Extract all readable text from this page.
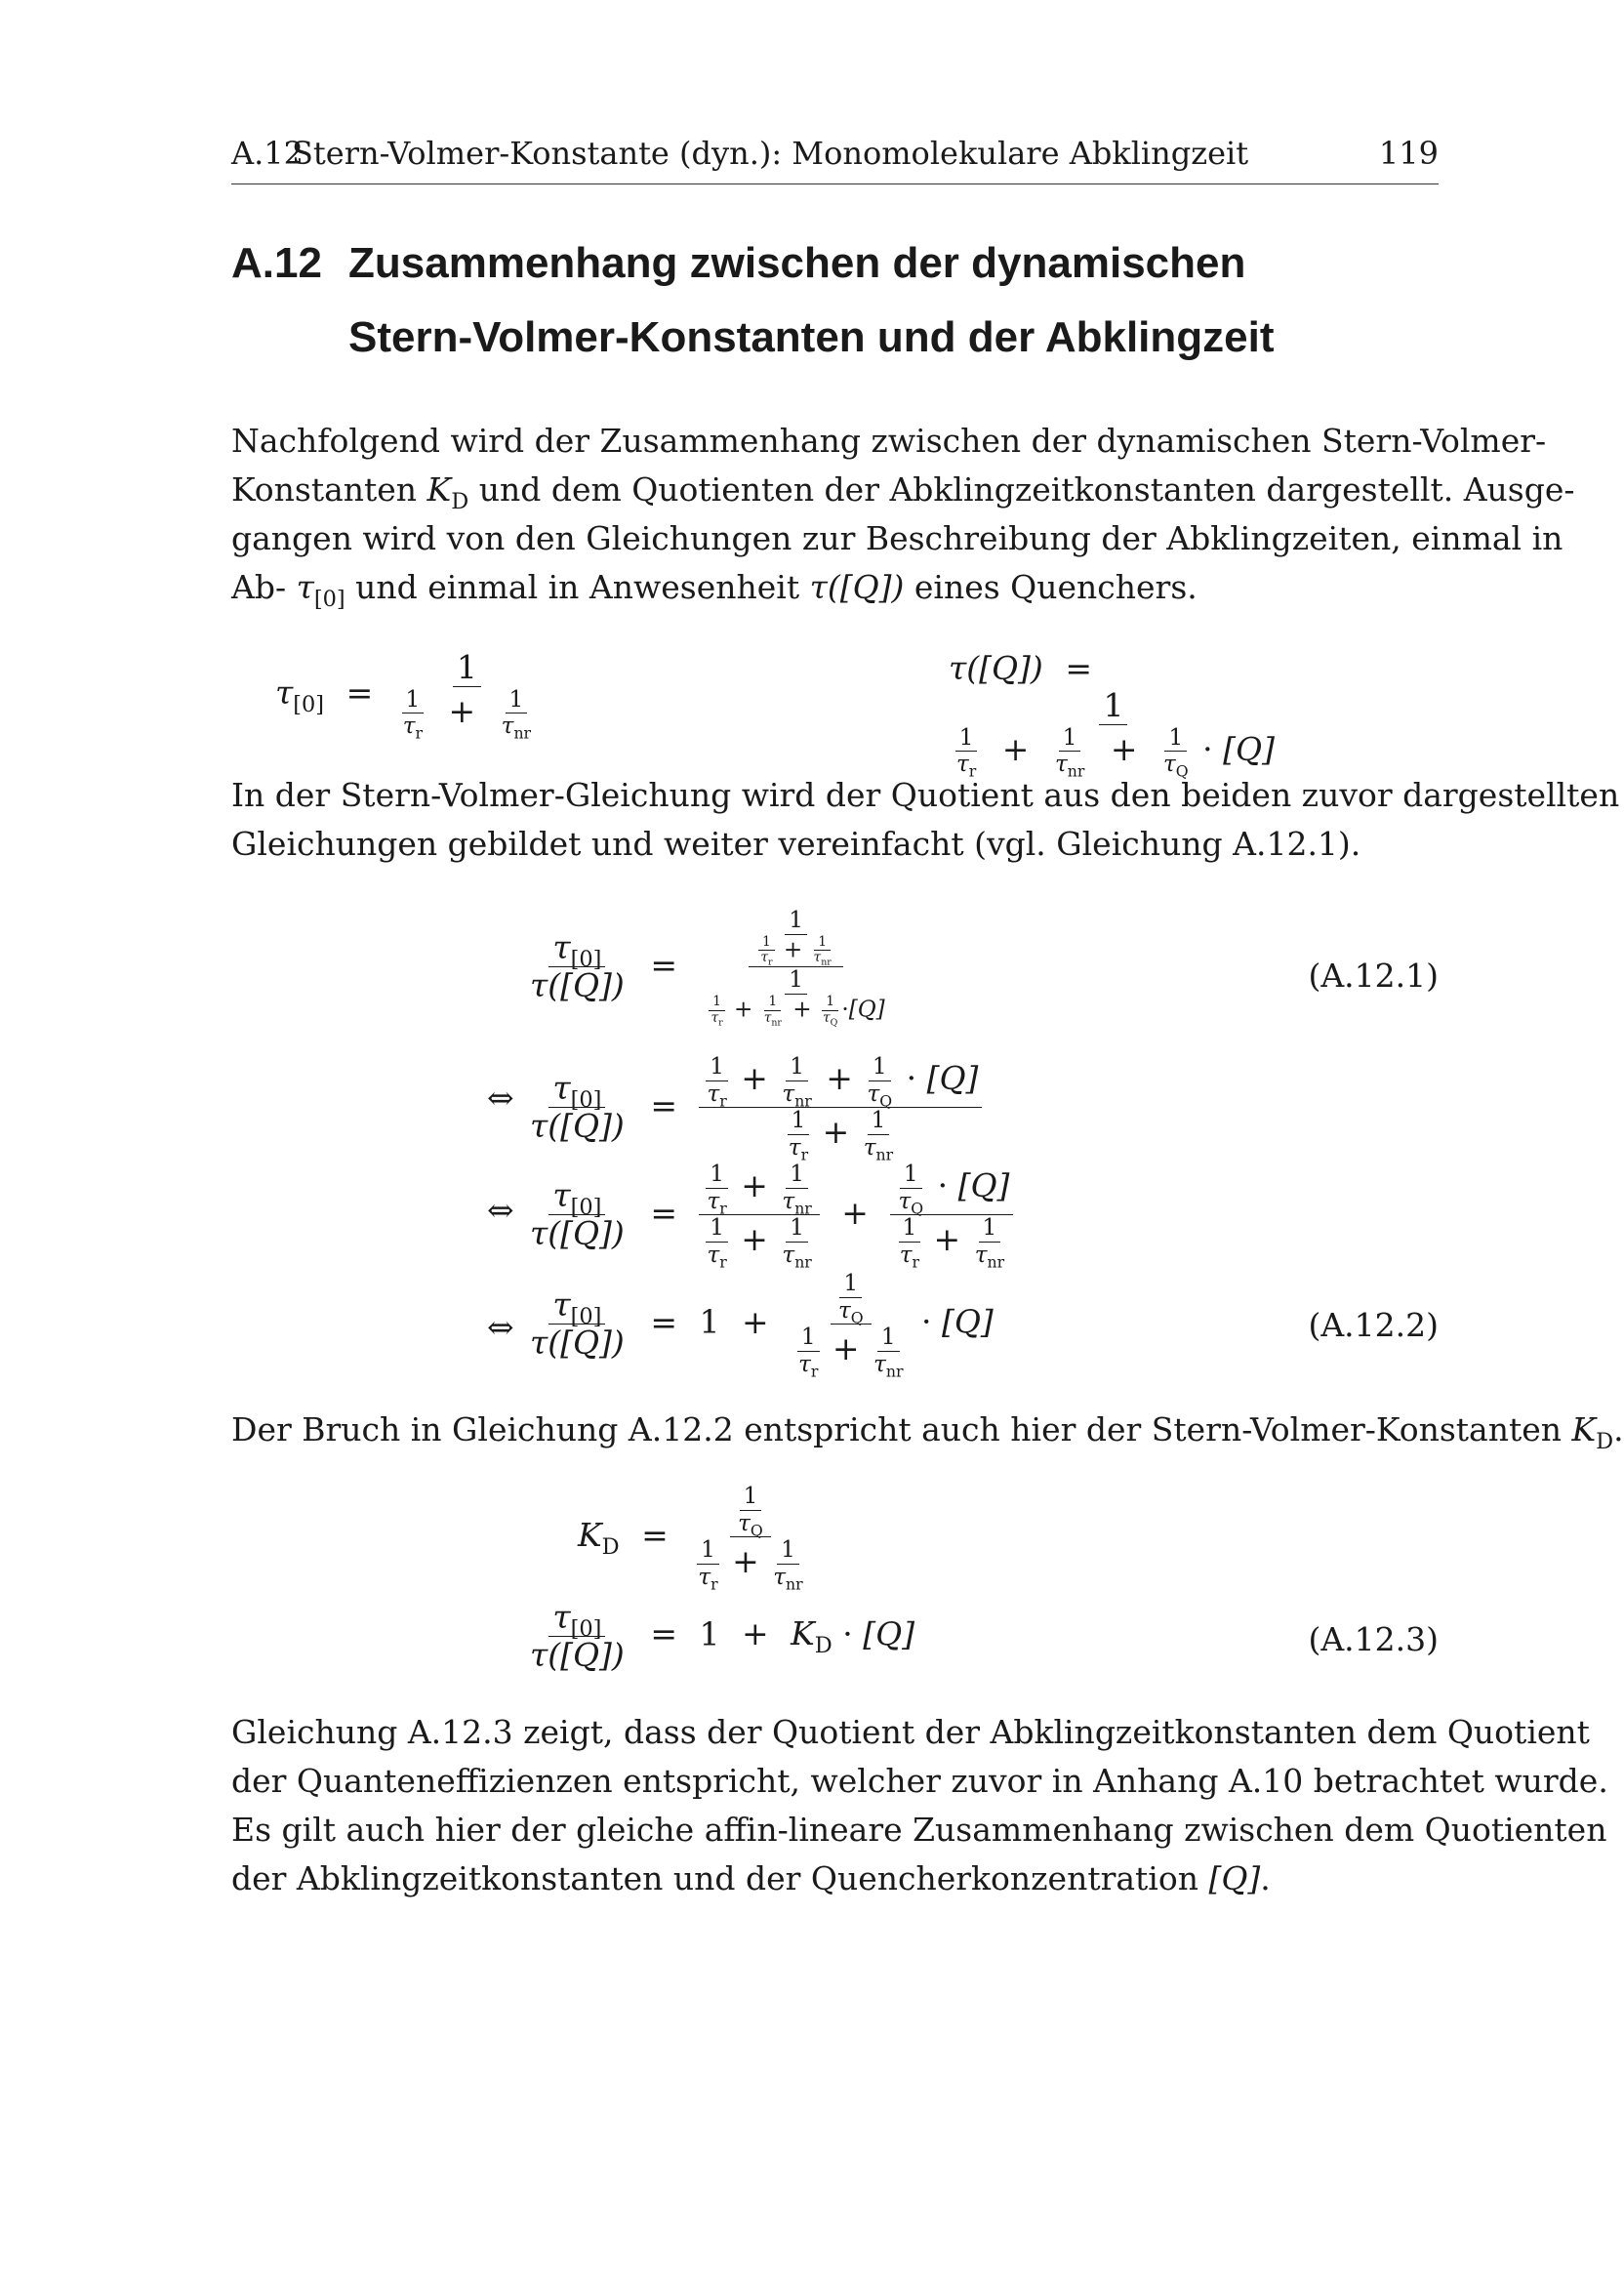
A.12
Stern-Volmer-Konstante (dyn.): Monomolekulare Abklingzeit	119
A.12 Zusammenhang zwischen der dynamischen
Stern-Volmer-Konstanten und der Abklingzeit
Nachfolgend wird der Zusammenhang zwischen der dynamischen Stern-Volmer-
Konstanten $K_D$ und dem Quotienten der Abklingzeitkonstanten dargestellt. Ausge-
gangen wird von den Gleichungen zur Beschreibung der Abklingzeiten, einmal in
Ab- $\tau_{[0]}$ und einmal in Anwesenheit τ([Q]) eines Quenchers.
$\tau_{[0]} = \frac{1}{\frac{1}{\tau_r} + \frac{1}{\tau_{nr}}}$	τ([Q]) =
1
$\frac{1}{\tau_r} + \frac{1}{\tau_{nr}} + \frac{1}{\tau_Q} \cdot [Q]$
In der Stern-Volmer-Gleichung wird der Quotient aus den beiden zuvor dargestellten
Gleichungen gebildet und weiter vereinfacht (vgl. Gleichung A.12.1).
$\frac{\tau_{[0]}}{\tau([Q])} = \frac{\frac{1}{\frac{1}{\tau_r} + \frac{1}{\tau_{nr}}}}{\frac{1}{\frac{1}{\tau_r} + \frac{1}{\tau_{nr}} + \frac{1}{\tau_Q} \cdot[Q]}}$	(A.12.1)
⇔ $\frac{\tau_{[0]}}{\tau([Q])} = \frac{\frac{1}{\tau_r} + \frac{1}{\tau_{nr}} + \frac{1}{\tau_Q} \cdot [Q]}{\frac{1}{\tau_r} + \frac{1}{\tau_{nr}}}$
⇔ $\frac{\tau_{[0]}}{\tau([Q])} = \frac{\frac{1}{\tau_r} + \frac{1}{\tau_{nr}}}{\frac{1}{\tau_r} + \frac{1}{\tau_{nr}}} + \frac{\frac{1}{\tau_Q} \cdot [Q]}{\frac{1}{\tau_r} + \frac{1}{\tau_{nr}}}$
⇔ $\frac{\tau_{[0]}}{\tau([Q])} = 1 + \frac{\frac{1}{\tau_Q}}{\frac{1}{\tau_r} + \frac{1}{\tau_{nr}}} \cdot [Q]$	(A.12.2)
Der Bruch in Gleichung A.12.2 entspricht auch hier der Stern-Volmer-Konstanten $K_D$.
$K_D = \frac{\frac{1}{\tau_Q}}{\frac{1}{\tau_r} + \frac{1}{\tau_{nr}}}$
$\frac{\tau_{[0]}}{\tau([Q])} = 1 + K_D \cdot [Q]$	(A.12.3)
Gleichung A.12.3 zeigt, dass der Quotient der Abklingzeitkonstanten dem Quotient
der Quanteneffizienzen entspricht, welcher zuvor in Anhang A.10 betrachtet wurde.
Es gilt auch hier der gleiche affin-lineare Zusammenhang zwischen dem Quotienten
der Abklingzeitkonstanten und der Quencherkonzentration [Q].
